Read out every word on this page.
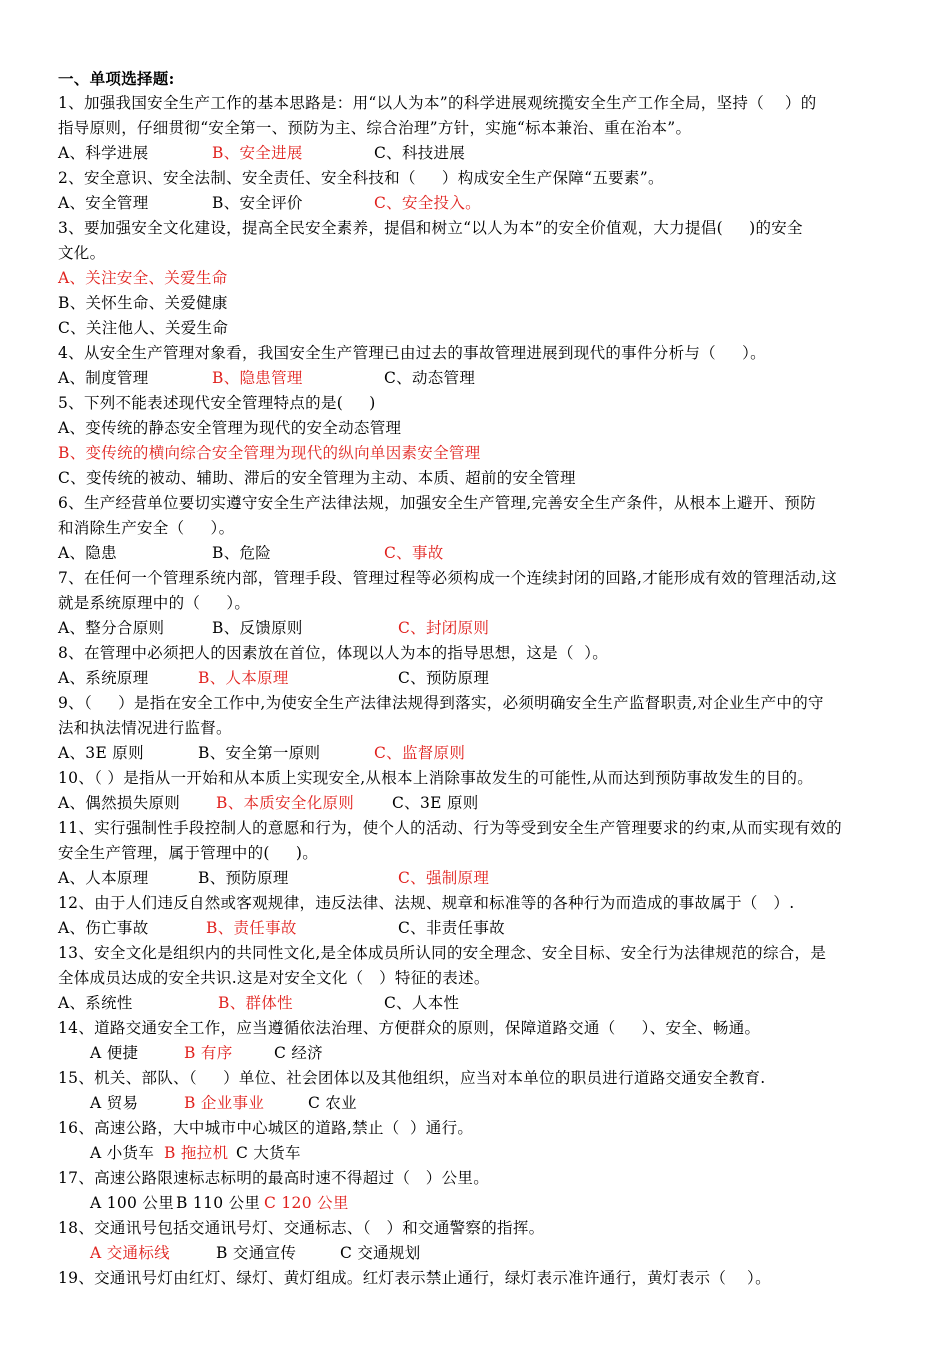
一、单项选择题:
1、加强我国安全生产工作的基本思路是：用“以人为本”的科学进展观统揽安全生产工作全局，坚持（    ）的
指导原则，仔细贯彻“安全第一、预防为主、综合治理”方针，实施“标本兼治、重在治本”。

A、科学进展

	B、安全进展

	C、科技进展

2、安全意识、安全法制、安全责任、安全科技和（     ）构成安全生产保障“五要素”。

A、安全管理

	B、安全评价

	C、安全投入。

3、要加强安全文化建设，提高全民安全素养，提倡和树立“以人为本”的安全价值观，大力提倡(     )的安全
文化。
A、关注安全、关爱生命
B、关怀生命、关爱健康
C、关注他人、关爱生命
4、从安全生产管理对象看，我国安全生产管理已由过去的事故管理进展到现代的事件分析与（     ）。

A、制度管理

	B、隐患管理

	C、动态管理

5、下列不能表述现代安全管理特点的是(     )
A、变传统的静态安全管理为现代的安全动态管理
B、变传统的横向综合安全管理为现代的纵向单因素安全管理
C、变传统的被动、辅助、滞后的安全管理为主动、本质、超前的安全管理
6、生产经营单位要切实遵守安全生产法律法规，加强安全生产管理,完善安全生产条件，从根本上避开、预防
和消除生产安全（     ）。

A、隐患

	B、危险

	C、事故

7、在任何一个管理系统内部，管理手段、管理过程等必须构成一个连续封闭的回路,才能形成有效的管理活动,这
就是系统原理中的（     ）。

A、整分合原则

	B、反馈原则

	C、封闭原则

8、在管理中必须把人的因素放在首位，体现以人为本的指导思想，这是（  ）。

A、系统原理

	B、人本原理

	C、预防原理

9、（     ）是指在安全工作中,为使安全生产法律法规得到落实，必须明确安全生产监督职责,对企业生产中的守
法和执法情况进行监督。

A、3E 原则

	B、安全第一原则

	C、监督原则

10、（ ）是指从一开始和从本质上实现安全,从根本上消除事故发生的可能性,从而达到预防事故发生的目的。

A、偶然损失原则

B、本质安全化原则

C、3E 原则

11、实行强制性手段控制人的意愿和行为，使个人的活动、行为等受到安全生产管理要求的约束,从而实现有效的
安全生产管理，属于管理中的(     )。

A、人本原理

	B、预防原理

	C、强制原理

12、由于人们违反自然或客观规律，违反法律、法规、规章和标准等的各种行为而造成的事故属于（   ）.

A、伤亡事故

	B、责任事故

	C、非责任事故

13、安全文化是组织内的共同性文化,是全体成员所认同的安全理念、安全目标、安全行为法律规范的综合，是
全体成员达成的安全共识.这是对安全文化（   ）特征的表述。

A、系统性

	B、群体性

	C、人本性

14、道路交通安全工作，应当遵循依法治理、方便群众的原则，保障道路交通（     ）、安全、畅通。

A 便捷

	B 有序

	C 经济

15、机关、部队、（     ）单位、社会团体以及其他组织，应当对本单位的职员进行道路交通安全教育.

A 贸易

	B 企业事业

	C 农业

16、高速公路，大中城市中心城区的道路,禁止（  ）通行。

A 小货车

B 拖拉机

C 大货车

17、高速公路限速标志标明的最高时速不得超过（   ）公里。

A 100 公里

B 110 公里

C 120 公里

18、交通讯号包括交通讯号灯、交通标志、（   ）和交通警察的指挥。

A 交通标线

	B 交通宣传

	C 交通规划

19、交通讯号灯由红灯、绿灯、黄灯组成。红灯表示禁止通行，绿灯表示准许通行，黄灯表示（    ）。
